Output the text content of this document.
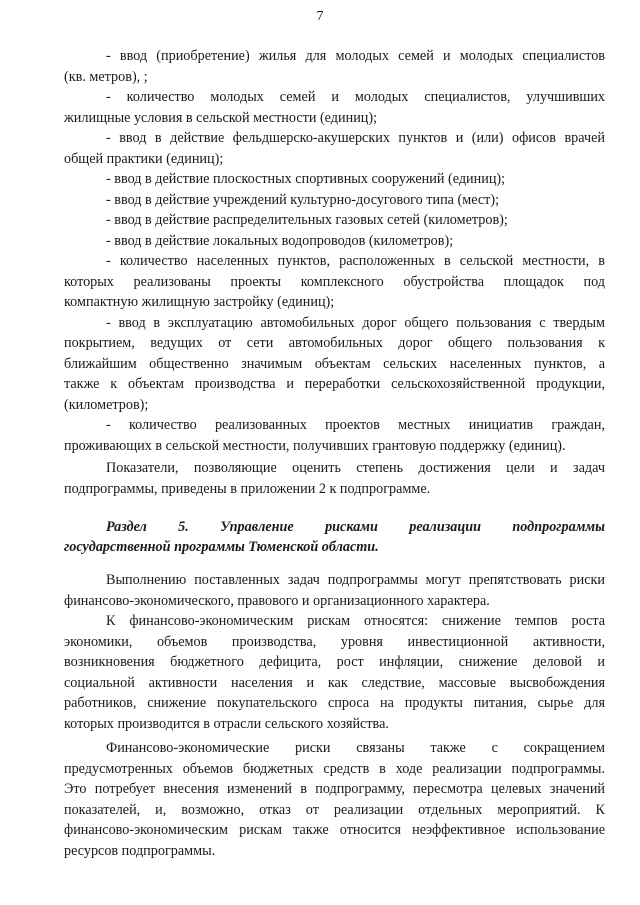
7
- ввод (приобретение) жилья для молодых семей и молодых специалистов
(кв. метров), ;
- количество молодых семей и молодых специалистов, улучшивших
жилищные условия в сельской местности (единиц);
- ввод в действие фельдшерско-акушерских пунктов и (или) офисов врачей
общей практики (единиц);
- ввод в действие плоскостных спортивных сооружений (единиц);
- ввод в действие учреждений культурно-досугового типа (мест);
- ввод в действие распределительных газовых сетей (километров);
- ввод в действие локальных водопроводов (километров);
- количество населенных пунктов, расположенных в сельской местности, в
которых реализованы проекты комплексного обустройства площадок под
компактную жилищную застройку (единиц);
- ввод в эксплуатацию автомобильных дорог общего пользования с твердым
покрытием, ведущих от сети автомобильных дорог общего пользования к
ближайшим общественно значимым объектам сельских населенных пунктов, а
также к объектам производства и переработки сельскохозяйственной продукции,
(километров);
- количество реализованных проектов местных инициатив граждан,
проживающих в сельской местности, получивших грантовую поддержку (единиц).
Показатели, позволяющие оценить степень достижения цели и задач
подпрограммы, приведены в приложении 2 к подпрограмме.
Раздел 5. Управление рисками реализации подпрограммы
государственной программы Тюменской области.
Выполнению поставленных задач подпрограммы могут препятствовать риски
финансово-экономического, правового и организационного характера.
К финансово-экономическим рискам относятся: снижение темпов роста
экономики, объемов производства, уровня инвестиционной активности,
возникновения бюджетного дефицита, рост инфляции, снижение деловой и
социальной активности населения и как следствие, массовые высвобождения
работников, снижение покупательского спроса на продукты питания, сырье для
которых производится в отрасли сельского хозяйства.
Финансово-экономические риски связаны также с сокращением
предусмотренных объемов бюджетных средств в ходе реализации подпрограммы.
Это потребует внесения изменений в подпрограмму, пересмотра целевых значений
показателей, и, возможно, отказ от реализации отдельных мероприятий. К
финансово-экономическим рискам также относится неэффективное использование
ресурсов подпрограммы.
